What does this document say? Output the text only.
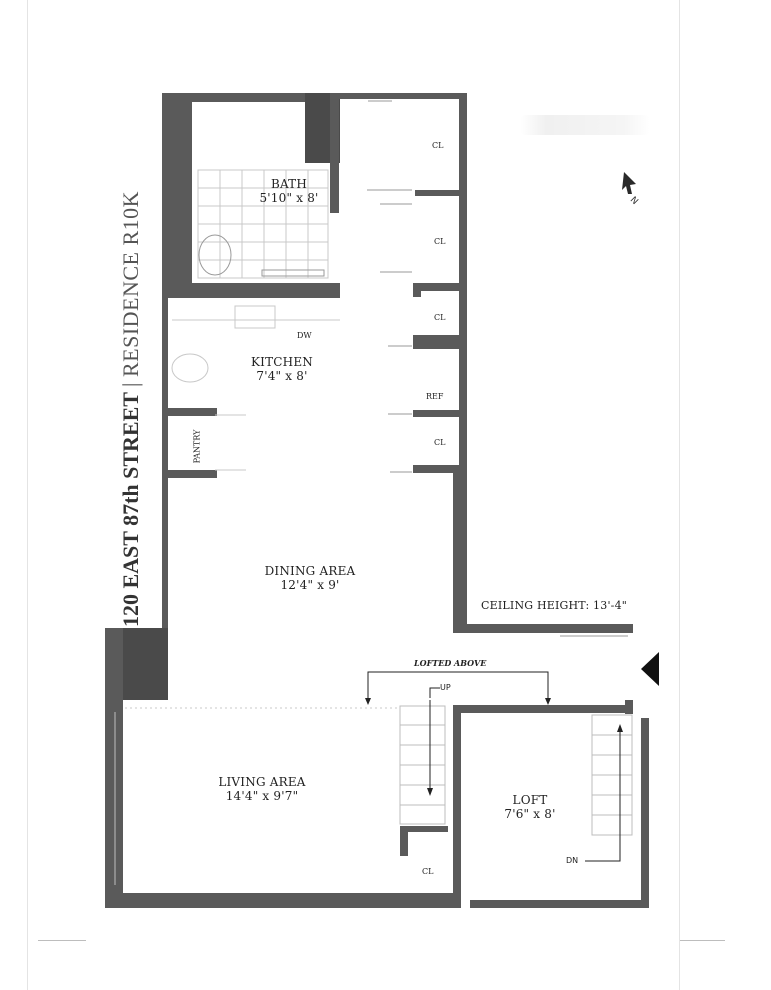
120 EAST 87th STREET | RESIDENCE R10K
BATH
5'10" x 8'
KITCHEN
7'4" x 8'
DINING AREA
12'4" x 9'
LIVING AREA
14'4" x 9'7"	LOFT
7'6" x 8'
CL
CL
CL
CL
CL
DW
REF
PANTRY
CEILING HEIGHT: 13'-4"
LOFTED ABOVE
UP
DN
N
